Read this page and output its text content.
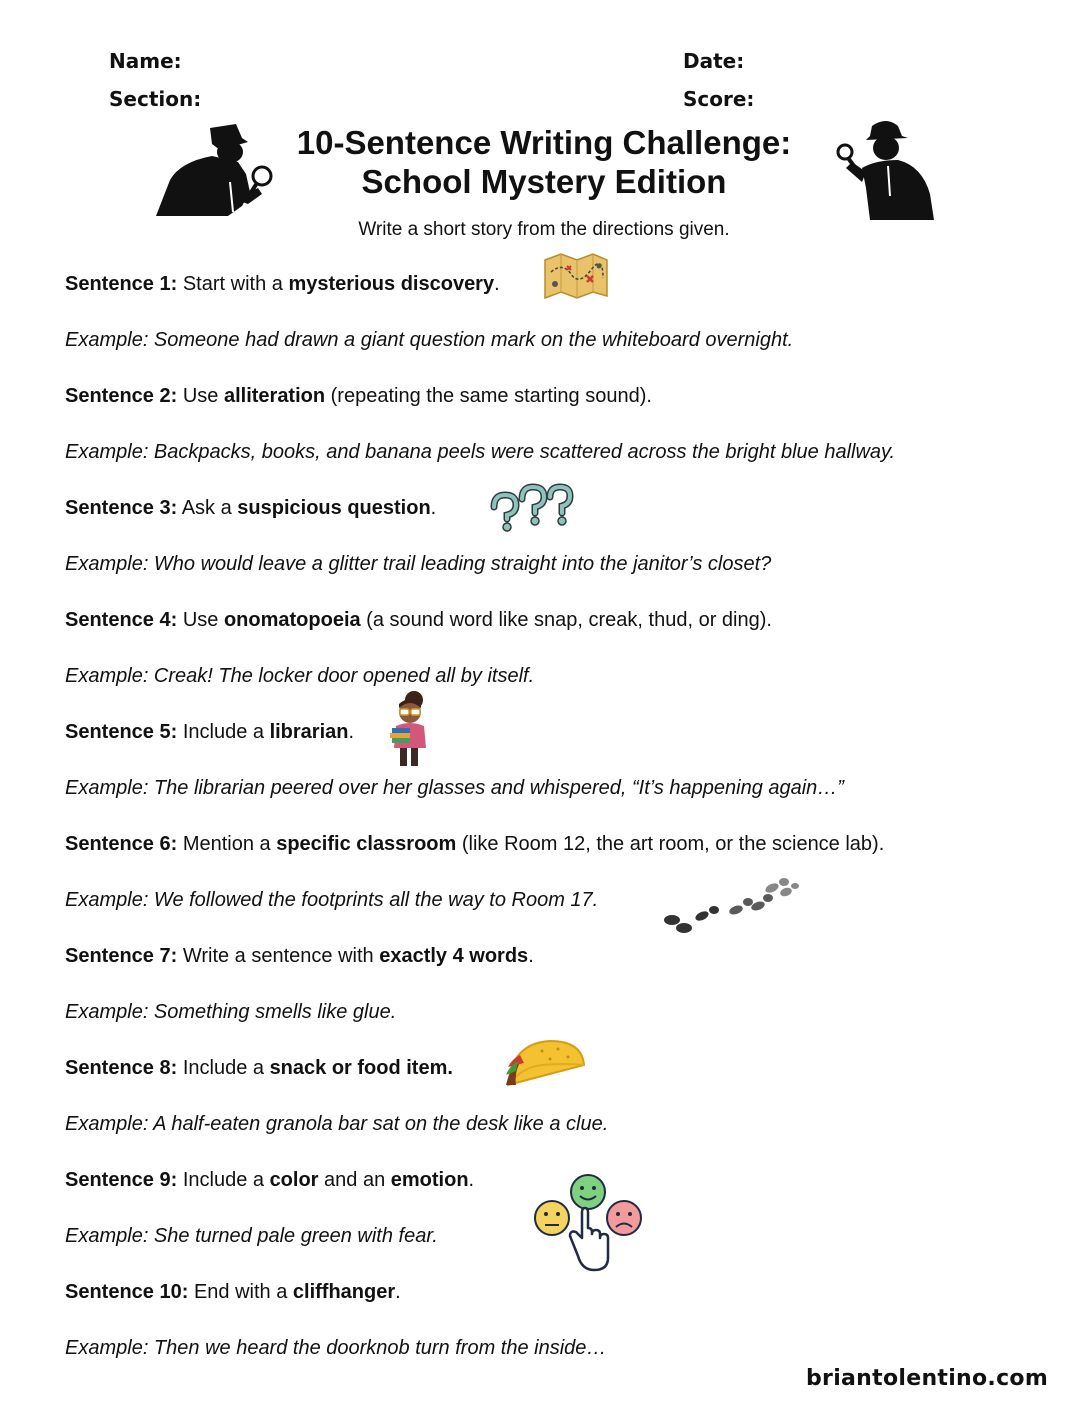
Name:	Date:
Section:	Score:
10-Sentence Writing Challenge:
School Mystery Edition
Write a short story from the directions given.
Sentence 1: Start with a mysterious discovery.
Example: Someone had drawn a giant question mark on the whiteboard overnight.
Sentence 2: Use alliteration (repeating the same starting sound).
Example: Backpacks, books, and banana peels were scattered across the bright blue hallway.
Sentence 3: Ask a suspicious question.
Example: Who would leave a glitter trail leading straight into the janitor’s closet?
Sentence 4: Use onomatopoeia (a sound word like snap, creak, thud, or ding).
Example: Creak! The locker door opened all by itself.
Sentence 5: Include a librarian.
Example: The librarian peered over her glasses and whispered, “It’s happening again…”
Sentence 6: Mention a specific classroom (like Room 12, the art room, or the science lab).
Example: We followed the footprints all the way to Room 17.
Sentence 7: Write a sentence with exactly 4 words.
Example: Something smells like glue.
Sentence 8: Include a snack or food item.
Example: A half-eaten granola bar sat on the desk like a clue.
Sentence 9: Include a color and an emotion.
Example: She turned pale green with fear.
Sentence 10: End with a cliffhanger.
Example: Then we heard the doorknob turn from the inside…
briantolentino.com
